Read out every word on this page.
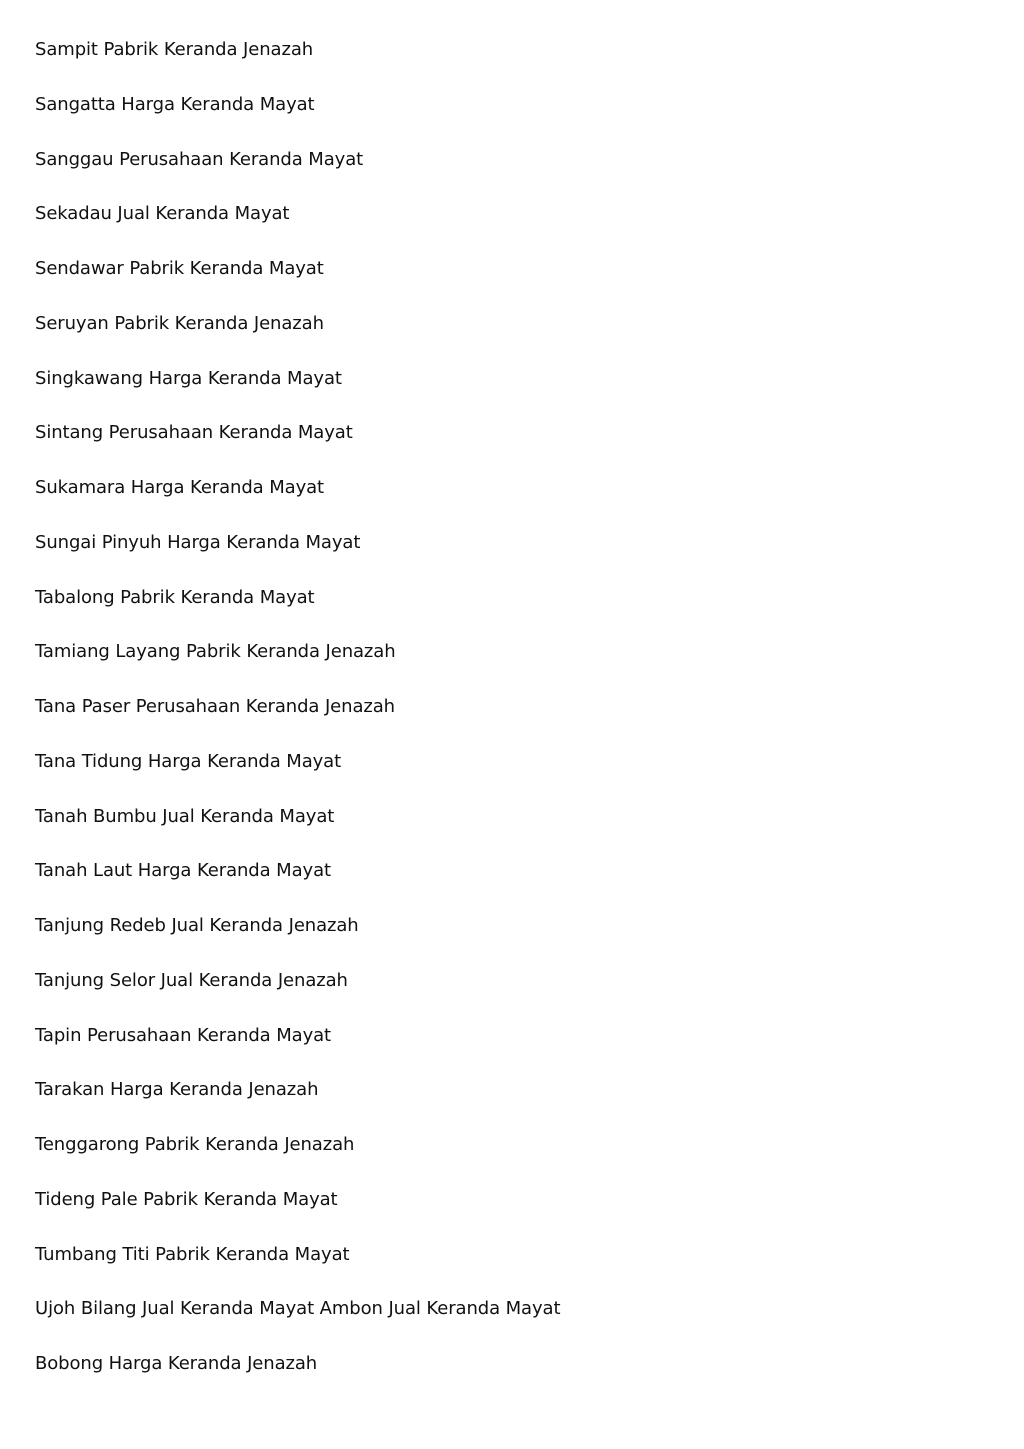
Sampit Pabrik Keranda Jenazah
Sangatta Harga Keranda Mayat
Sanggau Perusahaan Keranda Mayat
Sekadau Jual Keranda Mayat
Sendawar Pabrik Keranda Mayat
Seruyan Pabrik Keranda Jenazah
Singkawang Harga Keranda Mayat
Sintang Perusahaan Keranda Mayat
Sukamara Harga Keranda Mayat
Sungai Pinyuh Harga Keranda Mayat
Tabalong Pabrik Keranda Mayat
Tamiang Layang Pabrik Keranda Jenazah
Tana Paser Perusahaan Keranda Jenazah
Tana Tidung Harga Keranda Mayat
Tanah Bumbu Jual Keranda Mayat
Tanah Laut Harga Keranda Mayat
Tanjung Redeb Jual Keranda Jenazah
Tanjung Selor Jual Keranda Jenazah
Tapin Perusahaan Keranda Mayat
Tarakan Harga Keranda Jenazah
Tenggarong Pabrik Keranda Jenazah
Tideng Pale Pabrik Keranda Mayat
Tumbang Titi Pabrik Keranda Mayat
Ujoh Bilang Jual Keranda Mayat Ambon Jual Keranda Mayat
Bobong Harga Keranda Jenazah
